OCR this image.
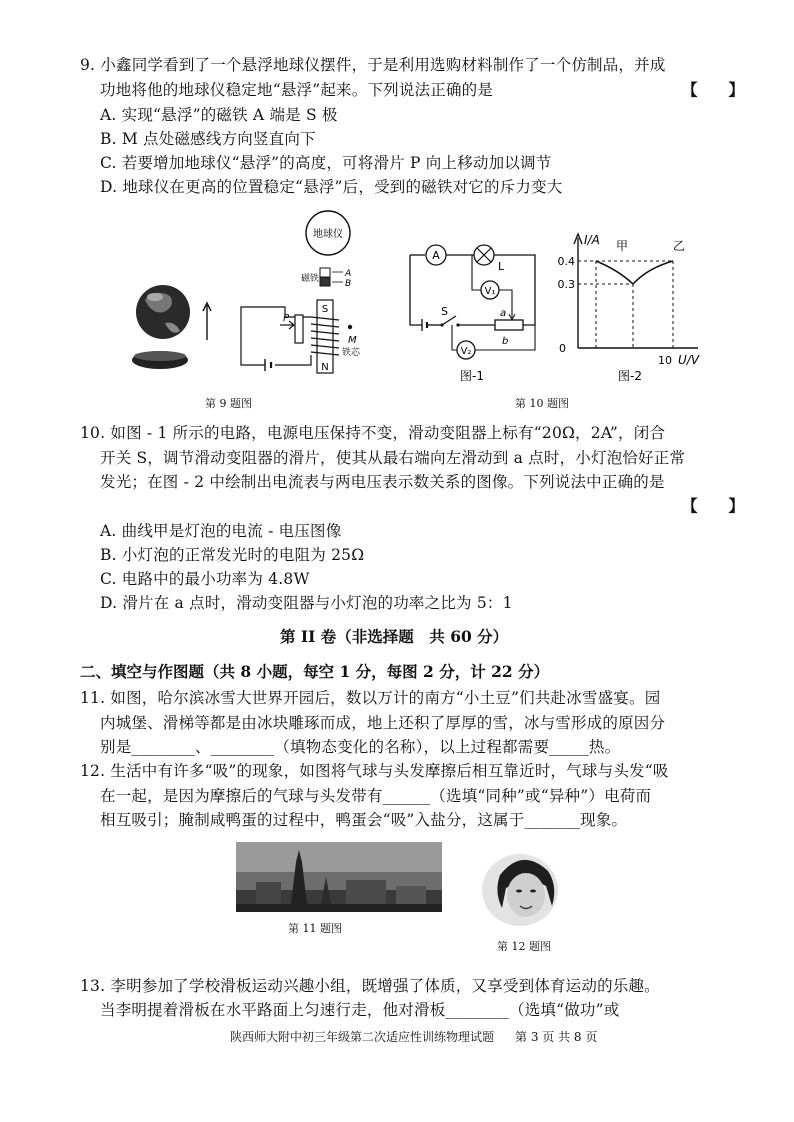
9. 小鑫同学看到了一个悬浮地球仪摆件，于是利用选购材料制作了一个仿制品，并成
功地将他的地球仪稳定地“悬浮”起来。下列说法正确的是	【　　】
A. 实现“悬浮”的磁铁 A 端是 S 极
B. M 点处磁感线方向竖直向下
C. 若要增加地球仪“悬浮”的高度，可将滑片 P 向上移动加以调节
D. 地球仪在更高的位置稳定“悬浮”后，受到的磁铁对它的斥力变大
地球仪
磁铁	A
B
S
N
M
铁芯
P
第 9 题图
A
L
S	a
b
V₁
V₂
图-1
I/A
U/V
0
0.4
0.3
10
甲	乙
图-2
第 10 题图
10. 如图 - 1 所示的电路，电源电压保持不变，滑动变阻器上标有“20Ω，2A”，闭合
开关 S，调节滑动变阻器的滑片，使其从最右端向左滑动到 a 点时，小灯泡恰好正常
发光；在图 - 2 中绘制出电流表与两电压表示数关系的图像。下列说法中正确的是
【　　】
A. 曲线甲是灯泡的电流 - 电压图像
B. 小灯泡的正常发光时的电阻为 25Ω
C. 电路中的最小功率为 4.8W
D. 滑片在 a 点时，滑动变阻器与小灯泡的功率之比为 5：1
第 II 卷（非选择题　共 60 分）
二、填空与作图题（共 8 小题，每空 1 分，每图 2 分，计 22 分）
11. 如图，哈尔滨冰雪大世界开园后，数以万计的南方“小土豆”们共赴冰雪盛宴。园
内城堡、滑梯等都是由冰块雕琢而成，地上还积了厚厚的雪，冰与雪形成的原因分
别是________、________（填物态变化的名称），以上过程都需要_____热。
12. 生活中有许多“吸”的现象，如图将气球与头发摩擦后相互靠近时，气球与头发“吸
在一起，是因为摩擦后的气球与头发带有______（选填“同种”或“异种”）电荷而
相互吸引；腌制咸鸭蛋的过程中，鸭蛋会“吸”入盐分，这属于_______现象。
第 11 题图
第 12 题图
13. 李明参加了学校滑板运动兴趣小组，既增强了体质，又享受到体育运动的乐趣。
当李明提着滑板在水平路面上匀速行走，他对滑板________（选填“做功”或
陕西师大附中初三年级第二次适应性训练物理试题 第 3 页 共 8 页
